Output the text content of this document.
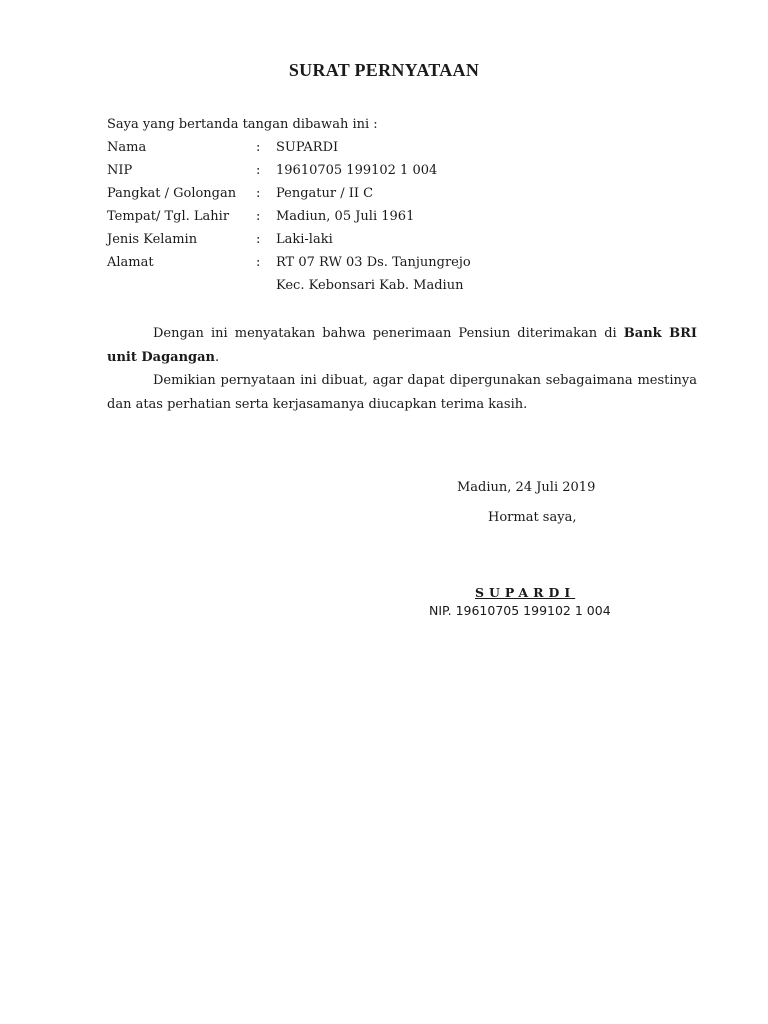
SURAT PERNYATAAN
Saya yang bertanda tangan dibawah ini :
Nama	: SUPARDI
NIP	: 19610705 199102 1 004
Pangkat / Golongan : Pengatur / II C
Tempat/ Tgl. Lahir : Madiun, 05 Juli 1961
Jenis Kelamin	: Laki-laki
Alamat	: RT 07 RW 03 Ds. Tanjungrejo
Kec. Kebonsari Kab. Madiun
Dengan ini menyatakan bahwa penerimaan Pensiun diterimakan di Bank BRI unit Dagangan.
Demikian pernyataan ini dibuat, agar dapat dipergunakan sebagaimana mestinya dan atas perhatian serta kerjasamanya diucapkan terima kasih.
Madiun, 24 Juli 2019
Hormat saya,
SUPARDI
NIP. 19610705 199102 1 004
